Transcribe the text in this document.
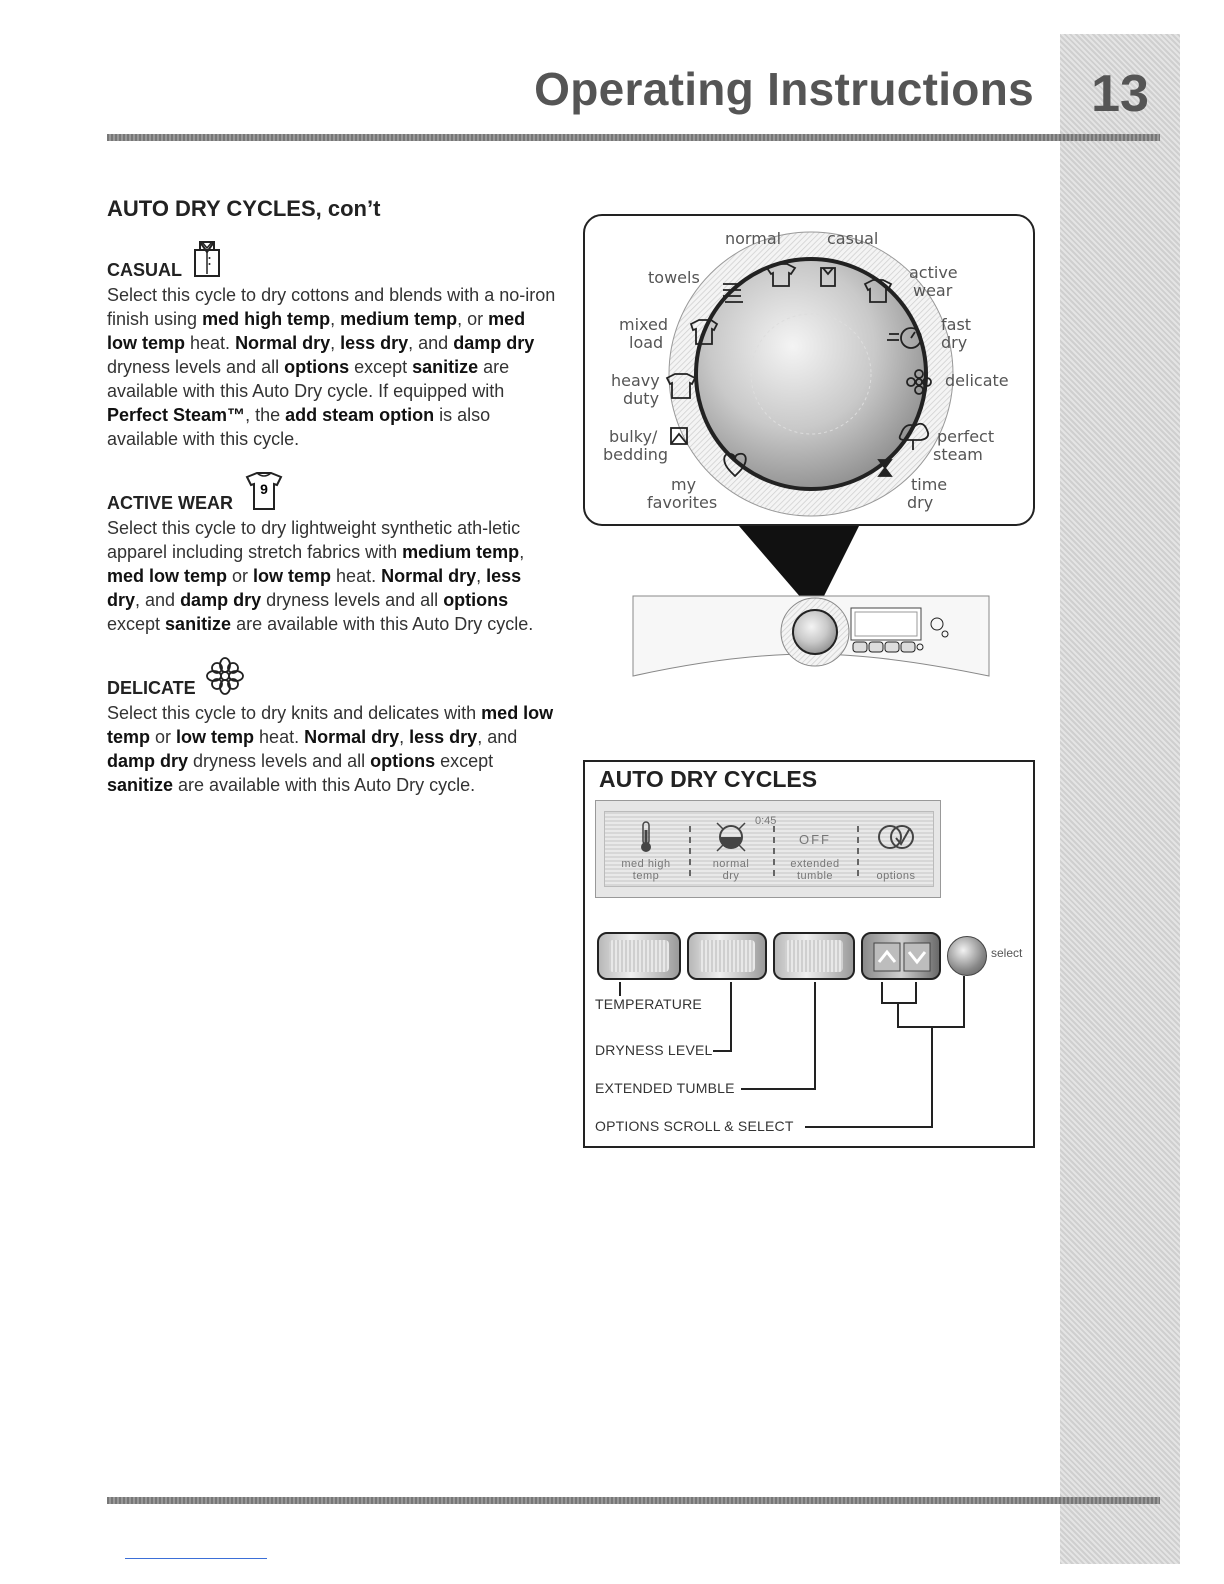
13
Operating Instructions
AUTO DRY CYCLES, con’t
CASUAL

Select this cycle to dry cottons and blends with a no-iron finish using med high temp, medium temp, or med low temp heat. Normal dry, less dry, and damp dry dryness levels and all options except sanitize are available with this Auto Dry cycle. If equipped with Perfect Steam™, the add steam option is also available with this cycle.

ACTIVE WEAR
9

Select this cycle to dry lightweight synthetic ath-letic apparel including stretch fabrics with medium temp, med low temp or low temp heat. Normal dry, less dry, and damp dry dryness levels and all options except sanitize are available with this Auto Dry cycle.

DELICATE

Select this cycle to dry knits and delicates with med low temp or low temp heat. Normal dry, less dry, and damp dry dryness levels and all options except sanitize are available with this Auto Dry cycle.

normal	casual
towels	active
wear
mixed
load
fast
dry
heavy
duty
delicate
bulky/
bedding
perfect
steam
my
favorites
time
dry
AUTO DRY CYCLES
0:45
med high
temp
normal
dry
OFF
extended
tumble	options
select
TEMPERATURE
DRYNESS LEVEL
EXTENDED TUMBLE
OPTIONS SCROLL & SELECT
